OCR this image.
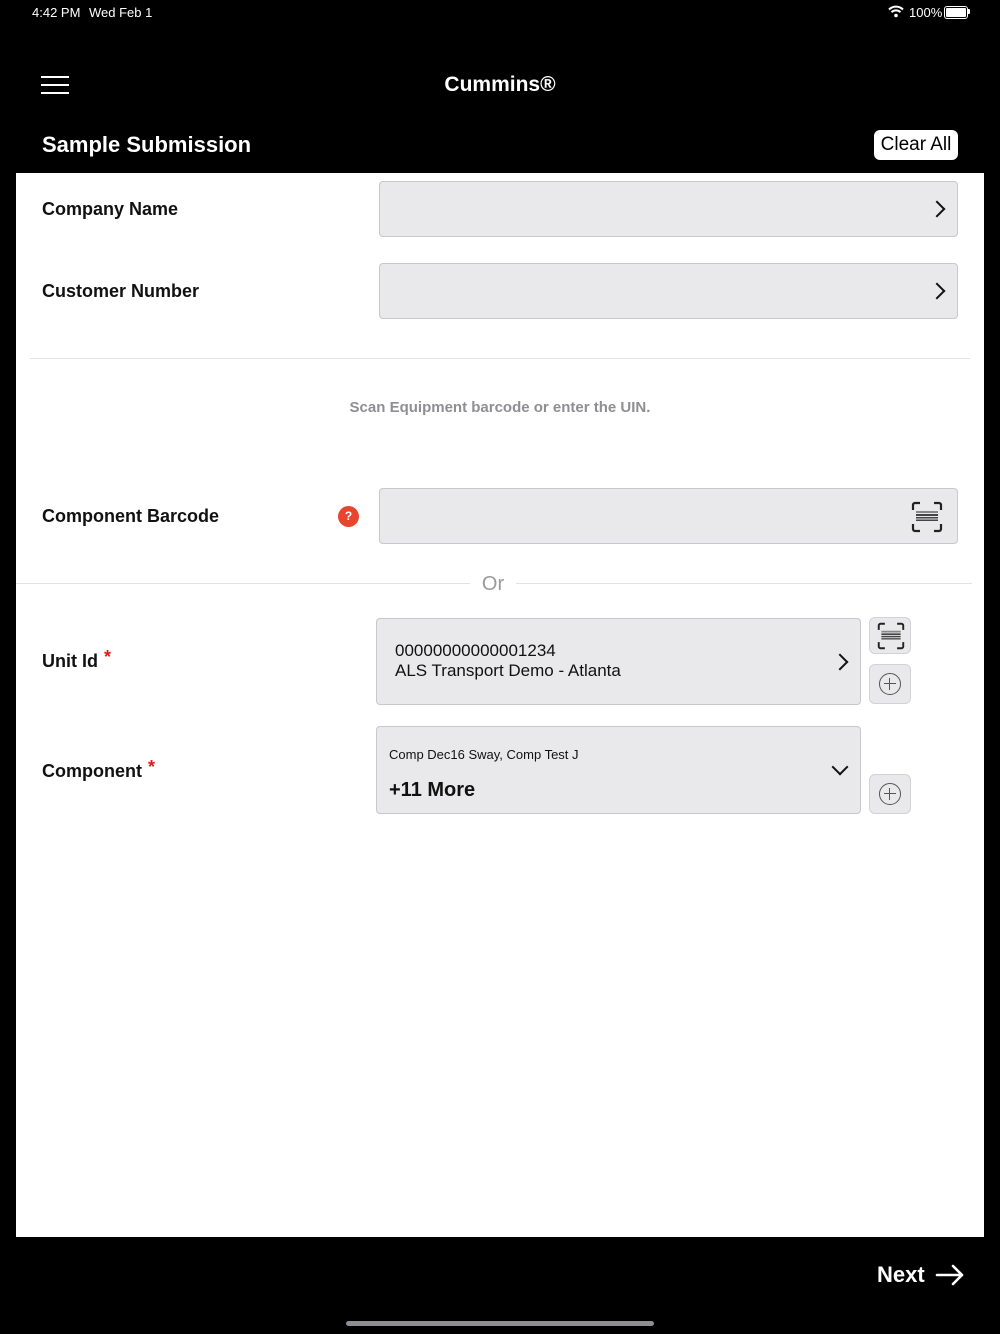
4:42 PM Wed Feb 1	100%
Cummins®
Sample Submission	Clear All
Company Name
Customer Number
Scan Equipment barcode or enter the UIN.
Component Barcode	?
Or
Unit Id *	00000000000001234
ALS Transport Demo - Atlanta
Component *
Comp Dec16 Sway, Comp Test J
+11 More
Next
